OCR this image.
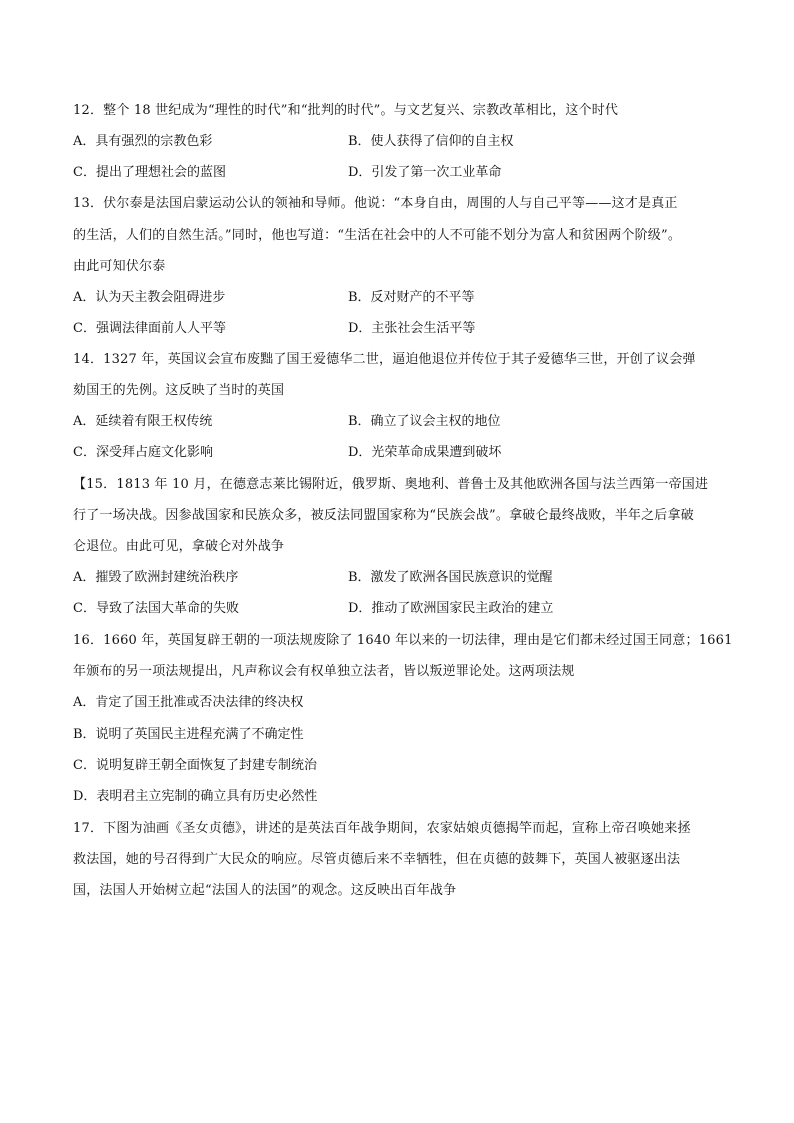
12．整个 18 世纪成为“理性的时代”和“批判的时代”。与文艺复兴、宗教改革相比，这个时代
A．具有强烈的宗教色彩	B．使人获得了信仰的自主权
C．提出了理想社会的蓝图	D．引发了第一次工业革命
13．伏尔泰是法国启蒙运动公认的领袖和导师。他说：“本身自由，周围的人与自己平等——这才是真正
的生活，人们的自然生活。”同时，他也写道：“生活在社会中的人不可能不划分为富人和贫困两个阶级”。
由此可知伏尔泰
A．认为天主教会阻碍进步	B．反对财产的不平等
C．强调法律面前人人平等	D．主张社会生活平等
14．1327 年，英国议会宣布废黜了国王爱德华二世，逼迫他退位并传位于其子爱德华三世，开创了议会弹
劾国王的先例。这反映了当时的英国
A．延续着有限王权传统	B．确立了议会主权的地位
C．深受拜占庭文化影响	D．光荣革命成果遭到破坏
【15．1813 年 10 月，在德意志莱比锡附近，俄罗斯、奥地利、普鲁士及其他欧洲各国与法兰西第一帝国进
行了一场决战。因参战国家和民族众多，被反法同盟国家称为“民族会战”。拿破仑最终战败，半年之后拿破
仑退位。由此可见，拿破仑对外战争
A．摧毁了欧洲封建统治秩序	B．激发了欧洲各国民族意识的觉醒
C．导致了法国大革命的失败	D．推动了欧洲国家民主政治的建立
16．1660 年，英国复辟王朝的一项法规废除了 1640 年以来的一切法律，理由是它们都未经过国王同意；1661
年颁布的另一项法规提出，凡声称议会有权单独立法者，皆以叛逆罪论处。这两项法规
A．肯定了国王批准或否决法律的终决权
B．说明了英国民主进程充满了不确定性
C．说明复辟王朝全面恢复了封建专制统治
D．表明君主立宪制的确立具有历史必然性
17．下图为油画《圣女贞德》，讲述的是英法百年战争期间，农家姑娘贞德揭竿而起，宣称上帝召唤她来拯
救法国，她的号召得到广大民众的响应。尽管贞德后来不幸牺牲，但在贞德的鼓舞下，英国人被驱逐出法
国，法国人开始树立起“法国人的法国”的观念。这反映出百年战争
